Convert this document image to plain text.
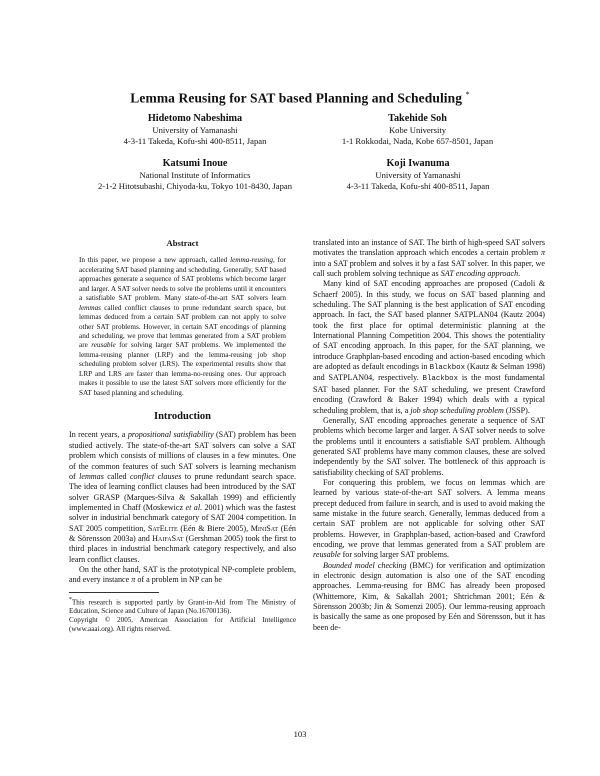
Lemma Reusing for SAT based Planning and Scheduling *
Hidetomo Nabeshima
University of Yamanashi
4-3-11 Takeda, Kofu-shi 400-8511, Japan
Takehide Soh
Kobe University
1-1 Rokkodai, Nada, Kobe 657-8501, Japan
Katsumi Inoue
National Institute of Informatics
2-1-2 Hitotsubashi, Chiyoda-ku, Tokyo 101-8430, Japan
Koji Iwanuma
University of Yamanashi
4-3-11 Takeda, Kofu-shi 400-8511, Japan
Abstract

In this paper, we propose a new approach, called lemma-reusing, for accelerating SAT based planning and scheduling. Generally, SAT based approaches generate a sequence of SAT problems which become larger and larger. A SAT solver needs to solve the problems until it encounters a satisfiable SAT problem. Many state-of-the-art SAT solvers learn lemmas called conflict clauses to prune redundant search space, but lemmas deduced from a certain SAT problem can not apply to solve other SAT problems. However, in certain SAT encodings of planning and scheduling, we prove that lemmas generated from a SAT problem are reusable for solving larger SAT problems. We implemented the lemma-reusing planner (LRP) and the lemma-reusing job shop scheduling problem solver (LRS). The experimental results show that LRP and LRS are faster than lemma-no-reusing ones. Our approach makes it possible to use the latest SAT solvers more efficiently for the SAT based planning and scheduling.

Introduction

In recent years, a propositional satisfiability (SAT) problem has been studied actively. The state-of-the-art SAT solvers can solve a SAT problem which consists of millions of clauses in a few minutes. One of the common features of such SAT solvers is learning mechanism of lemmas called conflict clauses to prune redundant search space. The idea of learning conflict clauses had been introduced by the SAT solver GRASP (Marques-Silva & Sakallah 1999) and efficiently implemented in Chaff (Moskewicz et al. 2001) which was the fastest solver in industrial benchmark category of SAT 2004 competition. In SAT 2005 competition, SatElite (Eén & Biere 2005), MiniSat (Eén & Sörensson 2003a) and HaifaSat (Gershman 2005) took the first to third places in industrial benchmark category respectively, and also learn conflict clauses.

On the other hand, SAT is the prototypical NP-complete problem, and every instance π of a problem in NP can be

*This research is supported partly by Grant-in-Aid from The Ministry of Education, Science and Culture of Japan (No.16700136).

Copyright © 2005, American Association for Artificial Intelligence (www.aaai.org). All rights reserved.

translated into an instance of SAT. The birth of high-speed SAT solvers motivates the translation approach which encodes a certain problem π into a SAT problem and solves it by a fast SAT solver. In this paper, we call such problem solving technique as SAT encoding approach.

Many kind of SAT encoding approaches are proposed (Cadoli & Schaerf 2005). In this study, we focus on SAT based planning and scheduling. The SAT planning is the best application of SAT encoding approach. In fact, the SAT based planner SATPLAN04 (Kautz 2004) took the first place for optimal deterministic planning at the International Planning Competition 2004. This shows the potentiality of SAT encoding approach. In this paper, for the SAT planning, we introduce Graphplan-based encoding and action-based encoding which are adopted as default encodings in Blackbox (Kautz & Selman 1998) and SATPLAN04, respectively. Blackbox is the most fundamental SAT based planner. For the SAT scheduling, we present Crawford encoding (Crawford & Baker 1994) which deals with a typical scheduling problem, that is, a job shop scheduling problem (JSSP).

Generally, SAT encoding approaches generate a sequence of SAT problems which become larger and larger. A SAT solver needs to solve the problems until it encounters a satisfiable SAT problem. Although generated SAT problems have many common clauses, these are solved independently by the SAT solver. The bottleneck of this approach is satisfiability checking of SAT problems.

For conquering this problem, we focus on lemmas which are learned by various state-of-the-art SAT solvers. A lemma means precept deduced from failure in search, and is used to avoid making the same mistake in the future search. Generally, lemmas deduced from a certain SAT problem are not applicable for solving other SAT problems. However, in Graphplan-based, action-based and Crawford encoding, we prove that lemmas generated from a SAT problem are reusable for solving larger SAT problems.

Bounded model checking (BMC) for verification and optimization in electronic design automation is also one of the SAT encoding approaches. Lemma-reusing for BMC has already been proposed (Whittemore, Kim, & Sakallah 2001; Shtrichman 2001; Eén & Sörensson 2003b; Jin & Somenzi 2005). Our lemma-reusing approach is basically the same as one proposed by Eén and Sörensson, but it has been de-

103
